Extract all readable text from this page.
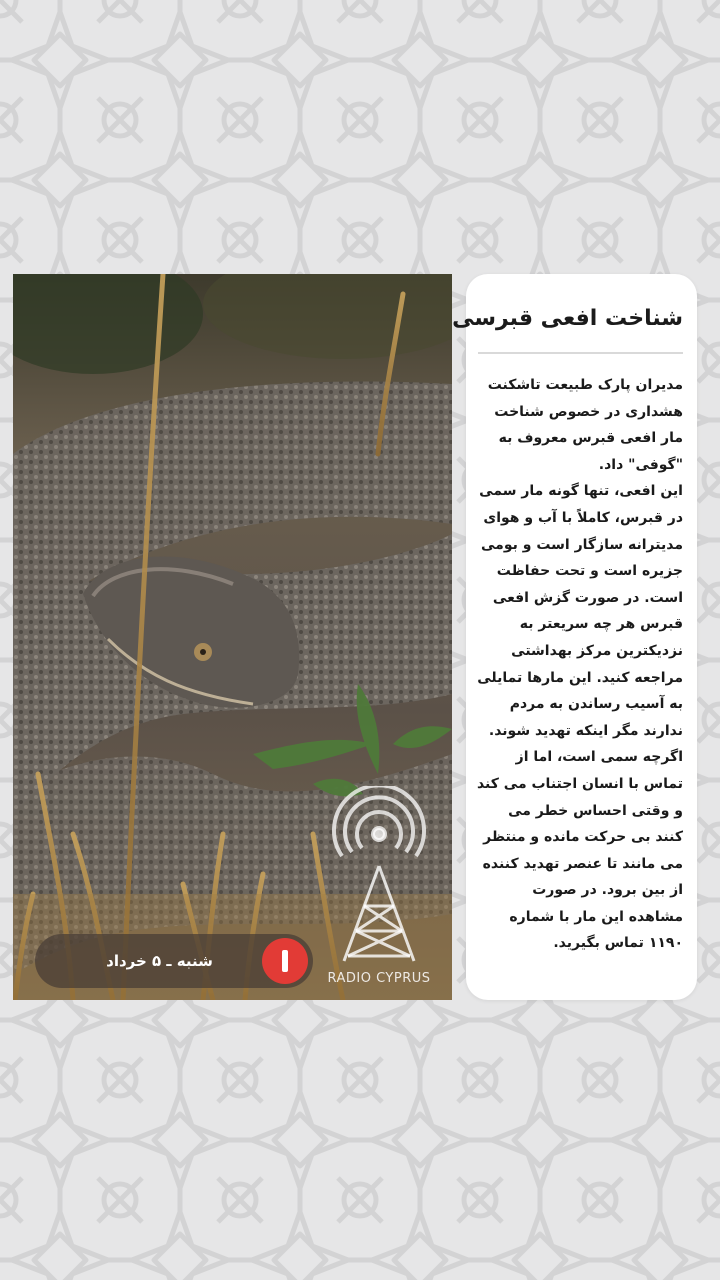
RADIO CYPRUS
شنبه ـ ۵ خرداد
شناخت افعی قبرسی

مدیران پارک طبیعت تاشکنت هشداری در خصوص شناخت مار افعی قبرس معروف به "گوفی" داد.

این افعی، تنها گونه مار سمی در قبرس، کاملاً با آب و هوای مدیترانه سازگار است و بومی جزیره است و تحت حفاظت است. در صورت گزش افعی قبرس هر چه سریعتر به نزدیکترین مرکز بهداشتی مراجعه کنید. این مارها تمایلی به آسیب رساندن به مردم ندارند مگر اینکه تهدید شوند. اگرچه سمی است، اما از تماس با انسان اجتناب می کند و وقتی احساس خطر می کنند بی حرکت مانده و منتظر می مانند تا عنصر تهدید کننده از بین برود. در صورت مشاهده این مار با شماره ۱۱۹۰ تماس بگیرید.
